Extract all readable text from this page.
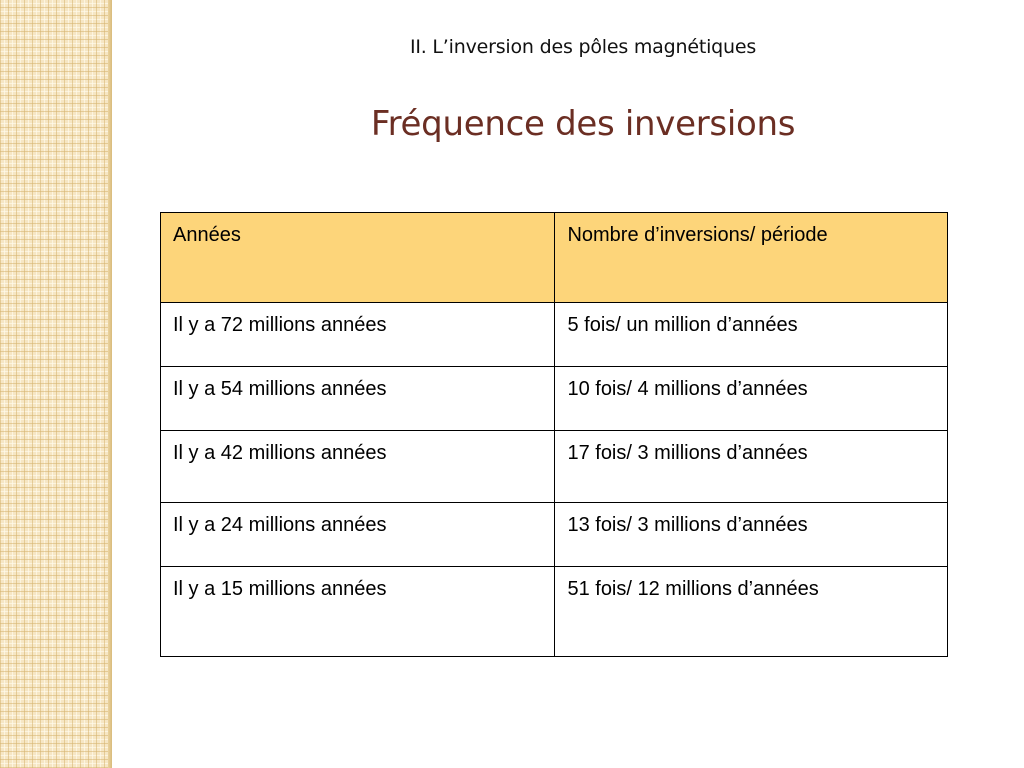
II. L’inversion des pôles magnétiques
Fréquence des inversions
Années	Nombre d’inversions/ période
Il y a 72 millions années	5 fois/ un million d’années
Il y a 54 millions années	10 fois/ 4 millions d’années
Il y a 42 millions années	17 fois/ 3 millions d’années
Il y a 24 millions années	13 fois/ 3 millions d’années
Il y a 15 millions années	51 fois/ 12 millions d’années
